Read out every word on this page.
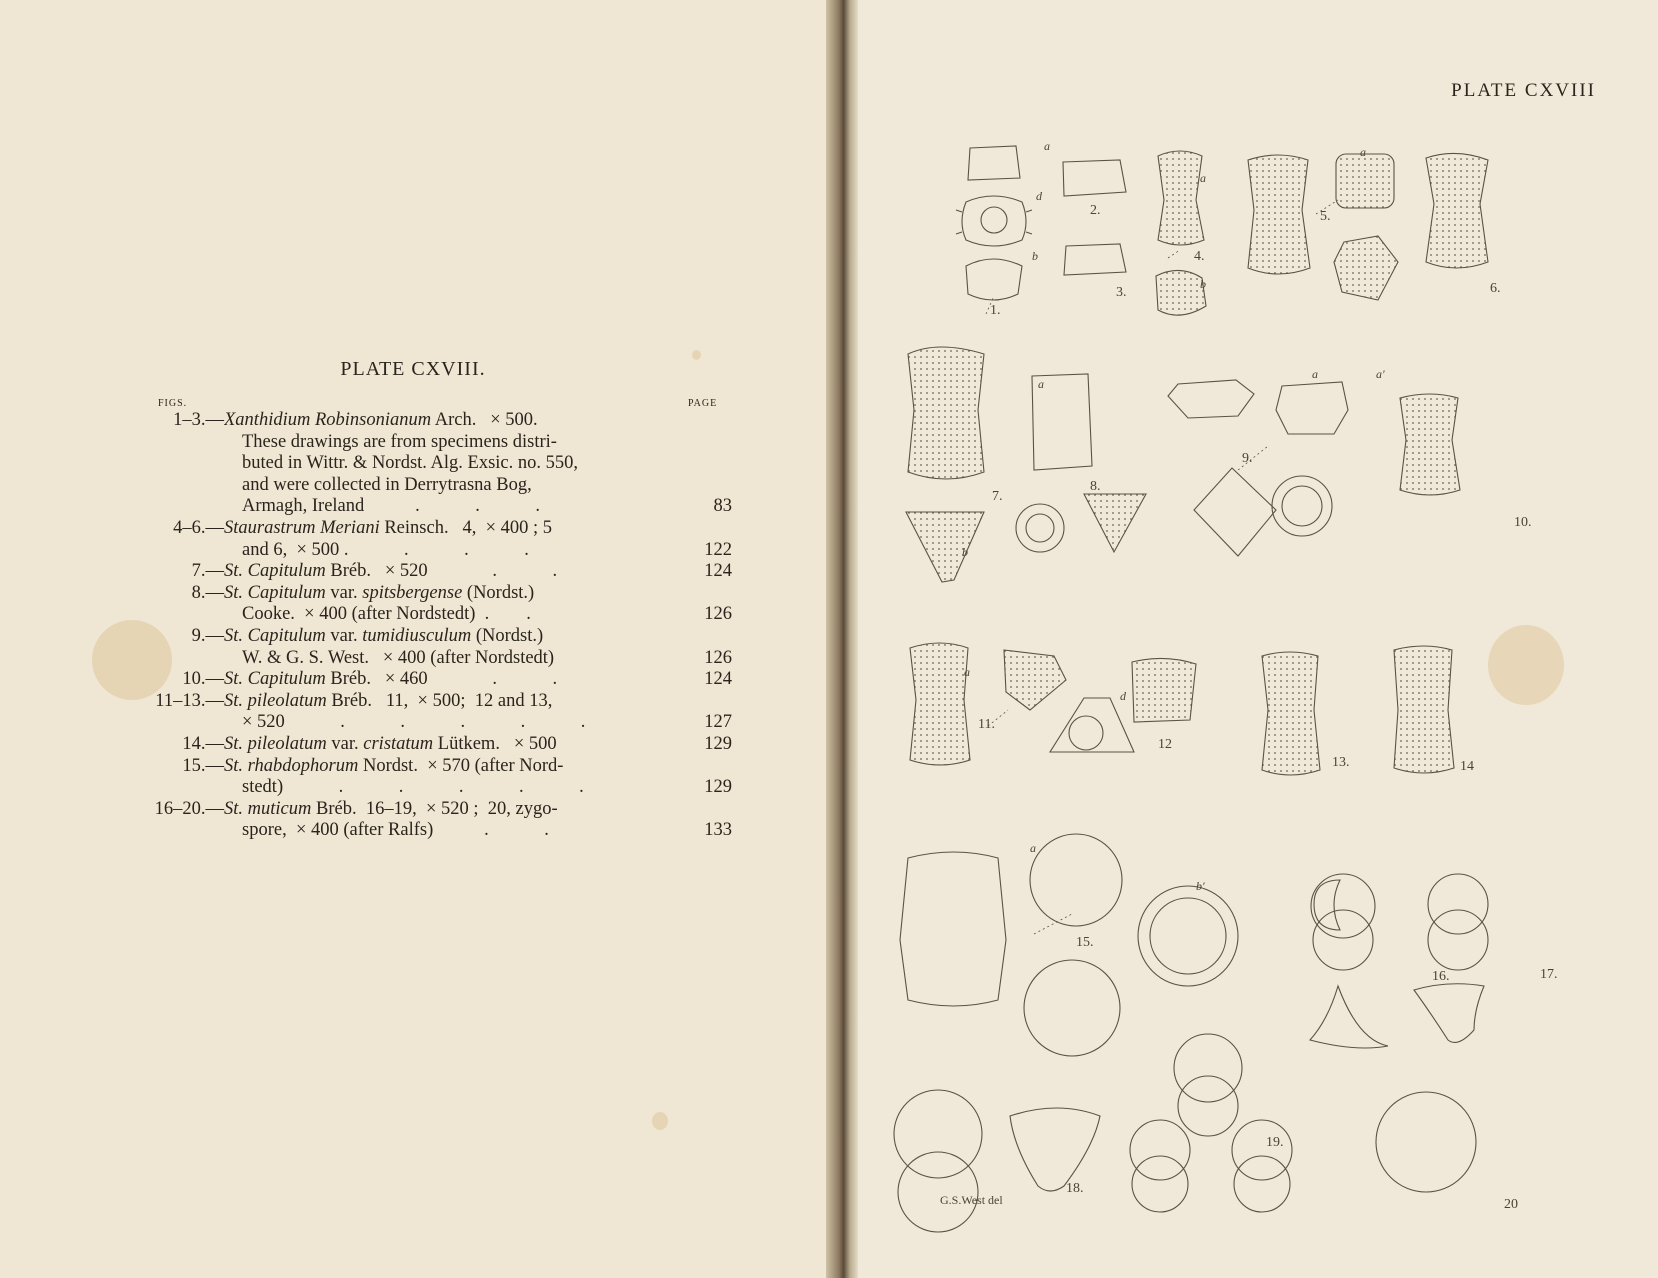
PLATE CXVIII.
FIGS.	PAGE
1–3.— Xanthidium Robinsonianum Arch.   × 500.
These drawings are from specimens distri-
buted in Wittr. & Nordst. Alg. Exsic. no. 550,
and were collected in Derrytrasna Bog,
Armagh, Ireland           .            .            .	83
4–6.— Staurastrum Meriani Reinsch.   4,  × 400 ; 5
and 6,  × 500 .            .            .            .	122
7.— St. Capitulum Bréb.   × 520              .            .	124
8.— St. Capitulum var. spitsbergense (Nordst.)
Cooke.  × 400 (after Nordstedt)  .        .	126
9.— St. Capitulum var. tumidiusculum (Nordst.)
W. & G. S. West.   × 400 (after Nordstedt)	126
10.— St. Capitulum Bréb.   × 460              .            .	124
11–13.— St. pileolatum Bréb.   11,  × 500;  12 and 13,
× 520            .            .            .            .            .	127
14.— St. pileolatum var. cristatum Lütkem.   × 500	129
15.— St. rhabdophorum Nordst.  × 570 (after Nord-
stedt)            .            .            .            .            .	129
16–20.— St. muticum Bréb.  16–19,  × 520 ;  20, zygo-
spore,  × 400 (after Ralfs)           .            .	133
PLATE CXVIII
1.
2.
3.
4.
5.
6.
7.
8.
9.
10.
11.
12
13.	14
15.
16.	17.
18.
19.
20
G.S.West del
a
d
b
a
b
a
a
b
a	a'
a
d
a
b'
